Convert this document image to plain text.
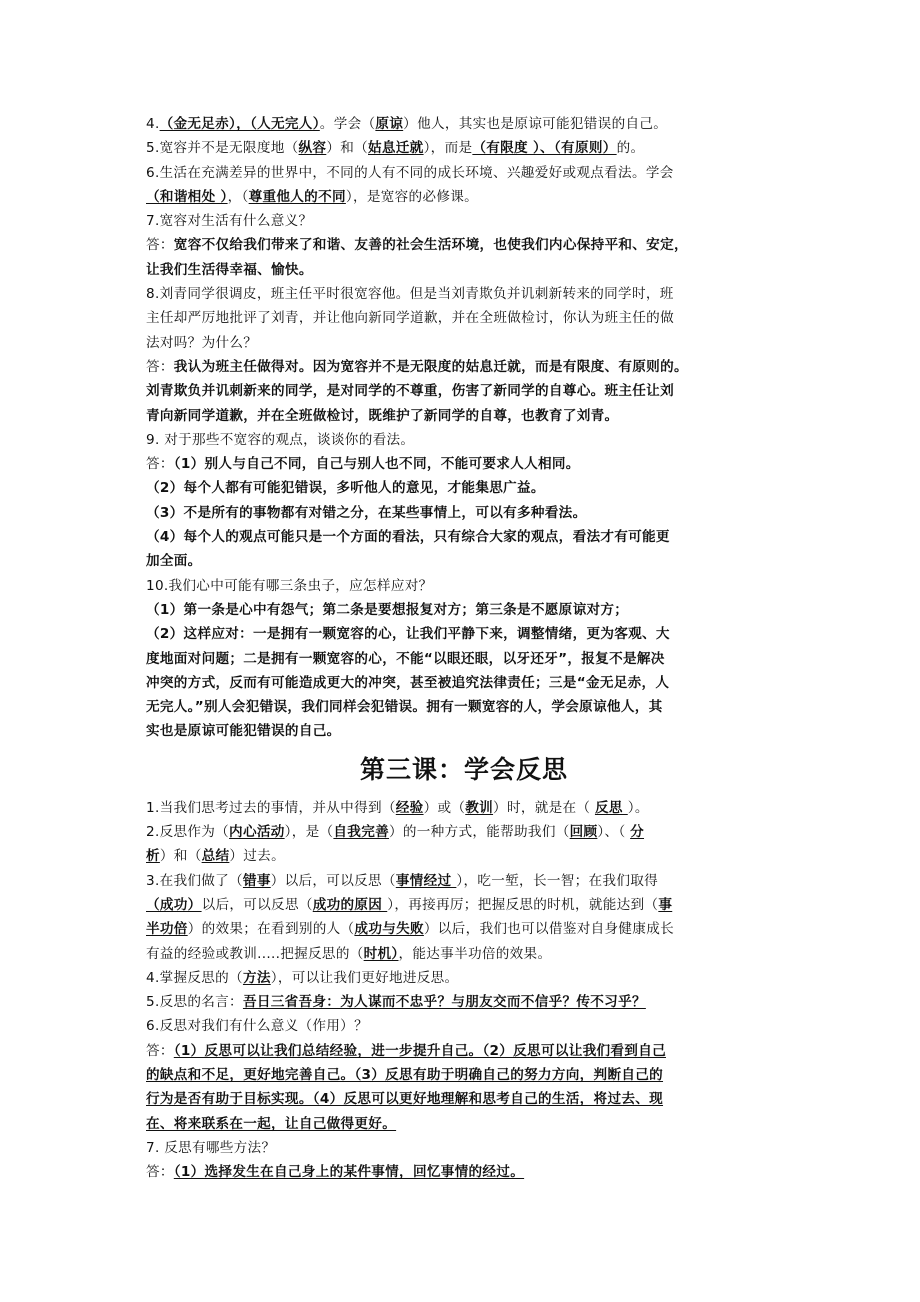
4.（金无足赤），（人无完人）。学会（原谅）他人，其实也是原谅可能犯错误的自己。
5.宽容并不是无限度地（纵容）和（姑息迁就），而是（有限度 ）、（有原则）的。
6.生活在充满差异的世界中，不同的人有不同的成长环境、兴趣爱好或观点看法。学会
（和谐相处 ），（尊重他人的不同），是宽容的必修课。
7.宽容对生活有什么意义？
答：宽容不仅给我们带来了和谐、友善的社会生活环境，也使我们内心保持平和、安定，
让我们生活得幸福、愉快。
8.刘青同学很调皮，班主任平时很宽容他。但是当刘青欺负并讥刺新转来的同学时，班
主任却严厉地批评了刘青，并让他向新同学道歉，并在全班做检讨，你认为班主任的做
法对吗？为什么？
答：我认为班主任做得对。因为宽容并不是无限度的姑息迁就，而是有限度、有原则的。
刘青欺负并讥刺新来的同学，是对同学的不尊重，伤害了新同学的自尊心。班主任让刘
青向新同学道歉，并在全班做检讨，既维护了新同学的自尊，也教育了刘青。
9. 对于那些不宽容的观点，谈谈你的看法。
答：（1）别人与自己不同，自己与别人也不同，不能可要求人人相同。
（2）每个人都有可能犯错误，多听他人的意见，才能集思广益。
（3）不是所有的事物都有对错之分，在某些事情上，可以有多种看法。
（4）每个人的观点可能只是一个方面的看法，只有综合大家的观点，看法才有可能更
加全面。
10.我们心中可能有哪三条虫子，应怎样应对？
（1）第一条是心中有怨气；第二条是要想报复对方；第三条是不愿原谅对方；
（2）这样应对：一是拥有一颗宽容的心，让我们平静下来，调整情绪，更为客观、大
度地面对问题；二是拥有一颗宽容的心，不能“以眼还眼，以牙还牙”，报复不是解决
冲突的方式，反而有可能造成更大的冲突，甚至被追究法律责任；三是“金无足赤，人
无完人。”别人会犯错误，我们同样会犯错误。拥有一颗宽容的人，学会原谅他人，其
实也是原谅可能犯错误的自己。
第三课：学会反思
1.当我们思考过去的事情，并从中得到（经验）或（教训）时，就是在（ 反思 ）。
2.反思作为（内心活动），是（自我完善）的一种方式，能帮助我们（回顾）、（ 分
析）和（总结）过去。
3.在我们做了（错事）以后，可以反思（事情经过 ），吃一堑，长一智；在我们取得
（成功）以后，可以反思（成功的原因 ），再接再厉；把握反思的时机，就能达到（事
半功倍）的效果；在看到别的人（成功与失败）以后，我们也可以借鉴对自身健康成长
有益的经验或教训.....把握反思的（时机），能达事半功倍的效果。
4.掌握反思的（方法），可以让我们更好地进反思。
5.反思的名言：吾日三省吾身：为人谋而不忠乎？与朋友交而不信乎？传不习乎？
6.反思对我们有什么意义（作用）？
答：（1）反思可以让我们总结经验，进一步提升自己。（2）反思可以让我们看到自己
的缺点和不足，更好地完善自己。（3）反思有助于明确自己的努力方向，判断自己的
行为是否有助于目标实现。（4）反思可以更好地理解和思考自己的生活，将过去、现
在、将来联系在一起，让自己做得更好。
7. 反思有哪些方法？
答：（1）选择发生在自己身上的某件事情，回忆事情的经过。
